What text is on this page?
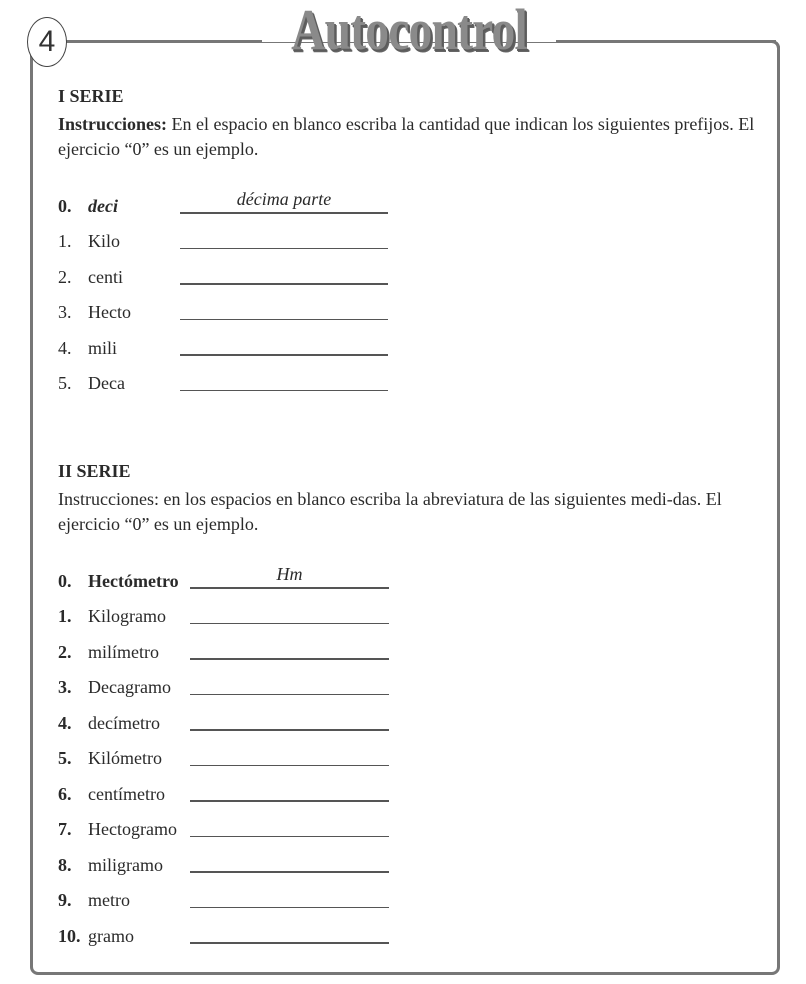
4	Autocontrol
I SERIE

Instrucciones: En el espacio en blanco escriba la cantidad que indican los siguientes prefijos. El ejercicio “0” es un ejemplo.

0. deci	décima parte
1. Kilo
2. centi
3. Hecto
4. mili
5. Deca
II SERIE

Instrucciones: en los espacios en blanco escriba la abreviatura de las siguientes medi-das. El ejercicio “0” es un ejemplo.

0. Hectómetro	Hm
1. Kilogramo
2. milímetro
3. Decagramo
4. decímetro
5. Kilómetro
6. centímetro
7. Hectogramo
8. miligramo
9. metro
10. gramo
